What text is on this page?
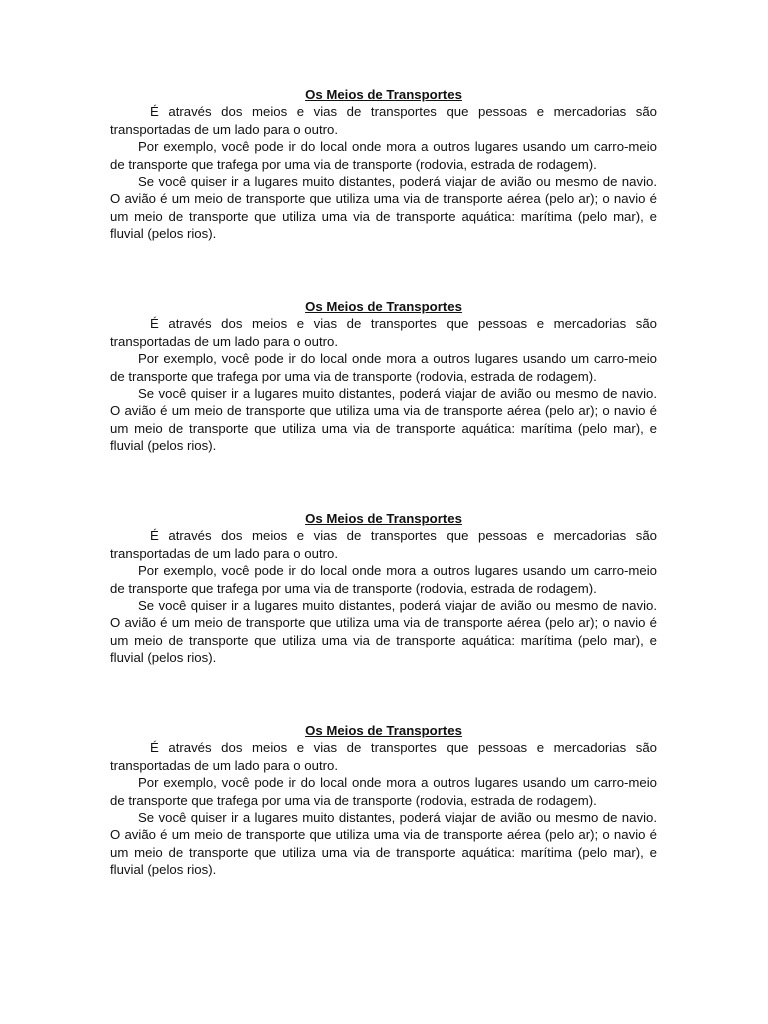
Os Meios de Transportes

É através dos meios e vias de transportes que pessoas e mercadorias são transportadas de um lado para o outro.

Por exemplo, você pode ir do local onde mora a outros lugares usando um carro-meio de transporte que trafega por uma via de transporte (rodovia, estrada de rodagem).

Se você quiser ir a lugares muito distantes, poderá viajar de avião ou mesmo de navio. O avião é um meio de transporte que utiliza uma via de transporte aérea (pelo ar); o navio é um meio de transporte que utiliza uma via de transporte aquática: marítima (pelo mar), e fluvial (pelos rios).

Os Meios de Transportes

É através dos meios e vias de transportes que pessoas e mercadorias são transportadas de um lado para o outro.

Por exemplo, você pode ir do local onde mora a outros lugares usando um carro-meio de transporte que trafega por uma via de transporte (rodovia, estrada de rodagem).

Se você quiser ir a lugares muito distantes, poderá viajar de avião ou mesmo de navio. O avião é um meio de transporte que utiliza uma via de transporte aérea (pelo ar); o navio é um meio de transporte que utiliza uma via de transporte aquática: marítima (pelo mar), e fluvial (pelos rios).

Os Meios de Transportes

É através dos meios e vias de transportes que pessoas e mercadorias são transportadas de um lado para o outro.

Por exemplo, você pode ir do local onde mora a outros lugares usando um carro-meio de transporte que trafega por uma via de transporte (rodovia, estrada de rodagem).

Se você quiser ir a lugares muito distantes, poderá viajar de avião ou mesmo de navio. O avião é um meio de transporte que utiliza uma via de transporte aérea (pelo ar); o navio é um meio de transporte que utiliza uma via de transporte aquática: marítima (pelo mar), e fluvial (pelos rios).

Os Meios de Transportes

É através dos meios e vias de transportes que pessoas e mercadorias são transportadas de um lado para o outro.

Por exemplo, você pode ir do local onde mora a outros lugares usando um carro-meio de transporte que trafega por uma via de transporte (rodovia, estrada de rodagem).

Se você quiser ir a lugares muito distantes, poderá viajar de avião ou mesmo de navio. O avião é um meio de transporte que utiliza uma via de transporte aérea (pelo ar); o navio é um meio de transporte que utiliza uma via de transporte aquática: marítima (pelo mar), e fluvial (pelos rios).
